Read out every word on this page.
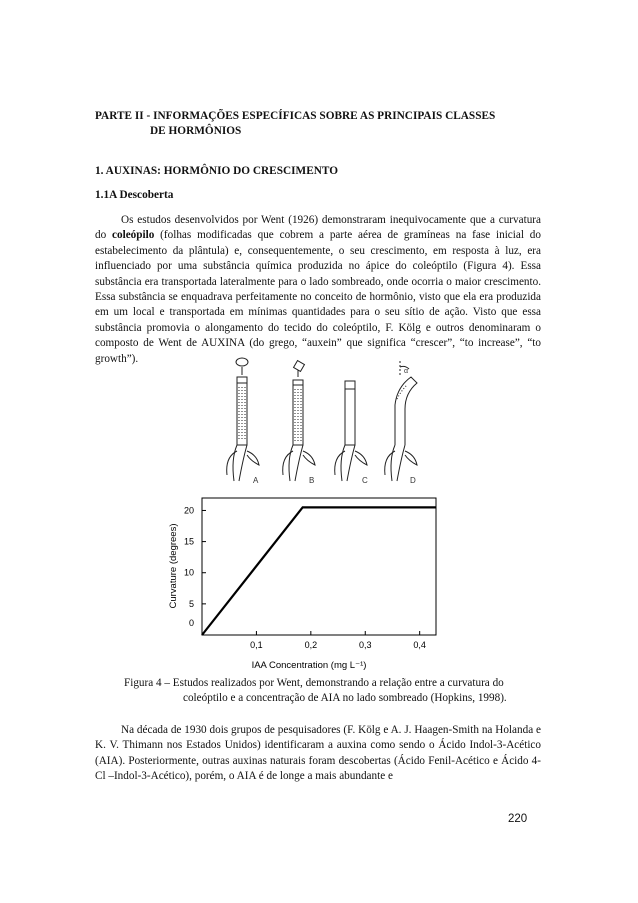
PARTE II - INFORMAÇÕES ESPECÍFICAS SOBRE AS PRINCIPAIS CLASSES
DE HORMÔNIOS
1. AUXINAS: HORMÔNIO DO CRESCIMENTO
1.1A Descoberta
Os estudos desenvolvidos por Went (1926) demonstraram inequivocamente que a curvatura do coleópilo (folhas modificadas que cobrem a parte aérea de gramíneas na fase inicial do estabelecimento da plântula) e, consequentemente, o seu crescimento, em resposta à luz, era influenciado por uma substância química produzida no ápice do coleóptilo (Figura 4). Essa substância era transportada lateralmente para o lado sombreado, onde ocorria o maior crescimento. Essa substância se enquadrava perfeitamente no conceito de hormônio, visto que ela era produzida em um local e transportada em mínimas quantidades para o seu sítio de ação. Visto que essa substância promovia o alongamento do tecido do coleóptilo, F. Kölg e outros denominaram o composto de Went de AUXINA (do grego, “auxein” que significa “crescer”, “to increase”, “to growth”).
A	B	C	D
α
0,1	0,2	0,3	0,4
0
5
10
15
20
Curvature (degrees)
IAA Concentration (mg L⁻¹)
Figura 4 – Estudos realizados por Went, demonstrando a relação entre a curvatura do
coleóptilo e a concentração de AIA no lado sombreado (Hopkins, 1998).
Na década de 1930 dois grupos de pesquisadores (F. Kölg e A. J. Haagen-Smith na Holanda e K. V. Thimann nos Estados Unidos) identificaram a auxina como sendo o Ácido Indol-3-Acético (AIA). Posteriormente, outras auxinas naturais foram descobertas (Ácido Fenil-Acético e Ácido 4-Cl –Indol-3-Acético), porém, o AIA é de longe a mais abundante e
220
